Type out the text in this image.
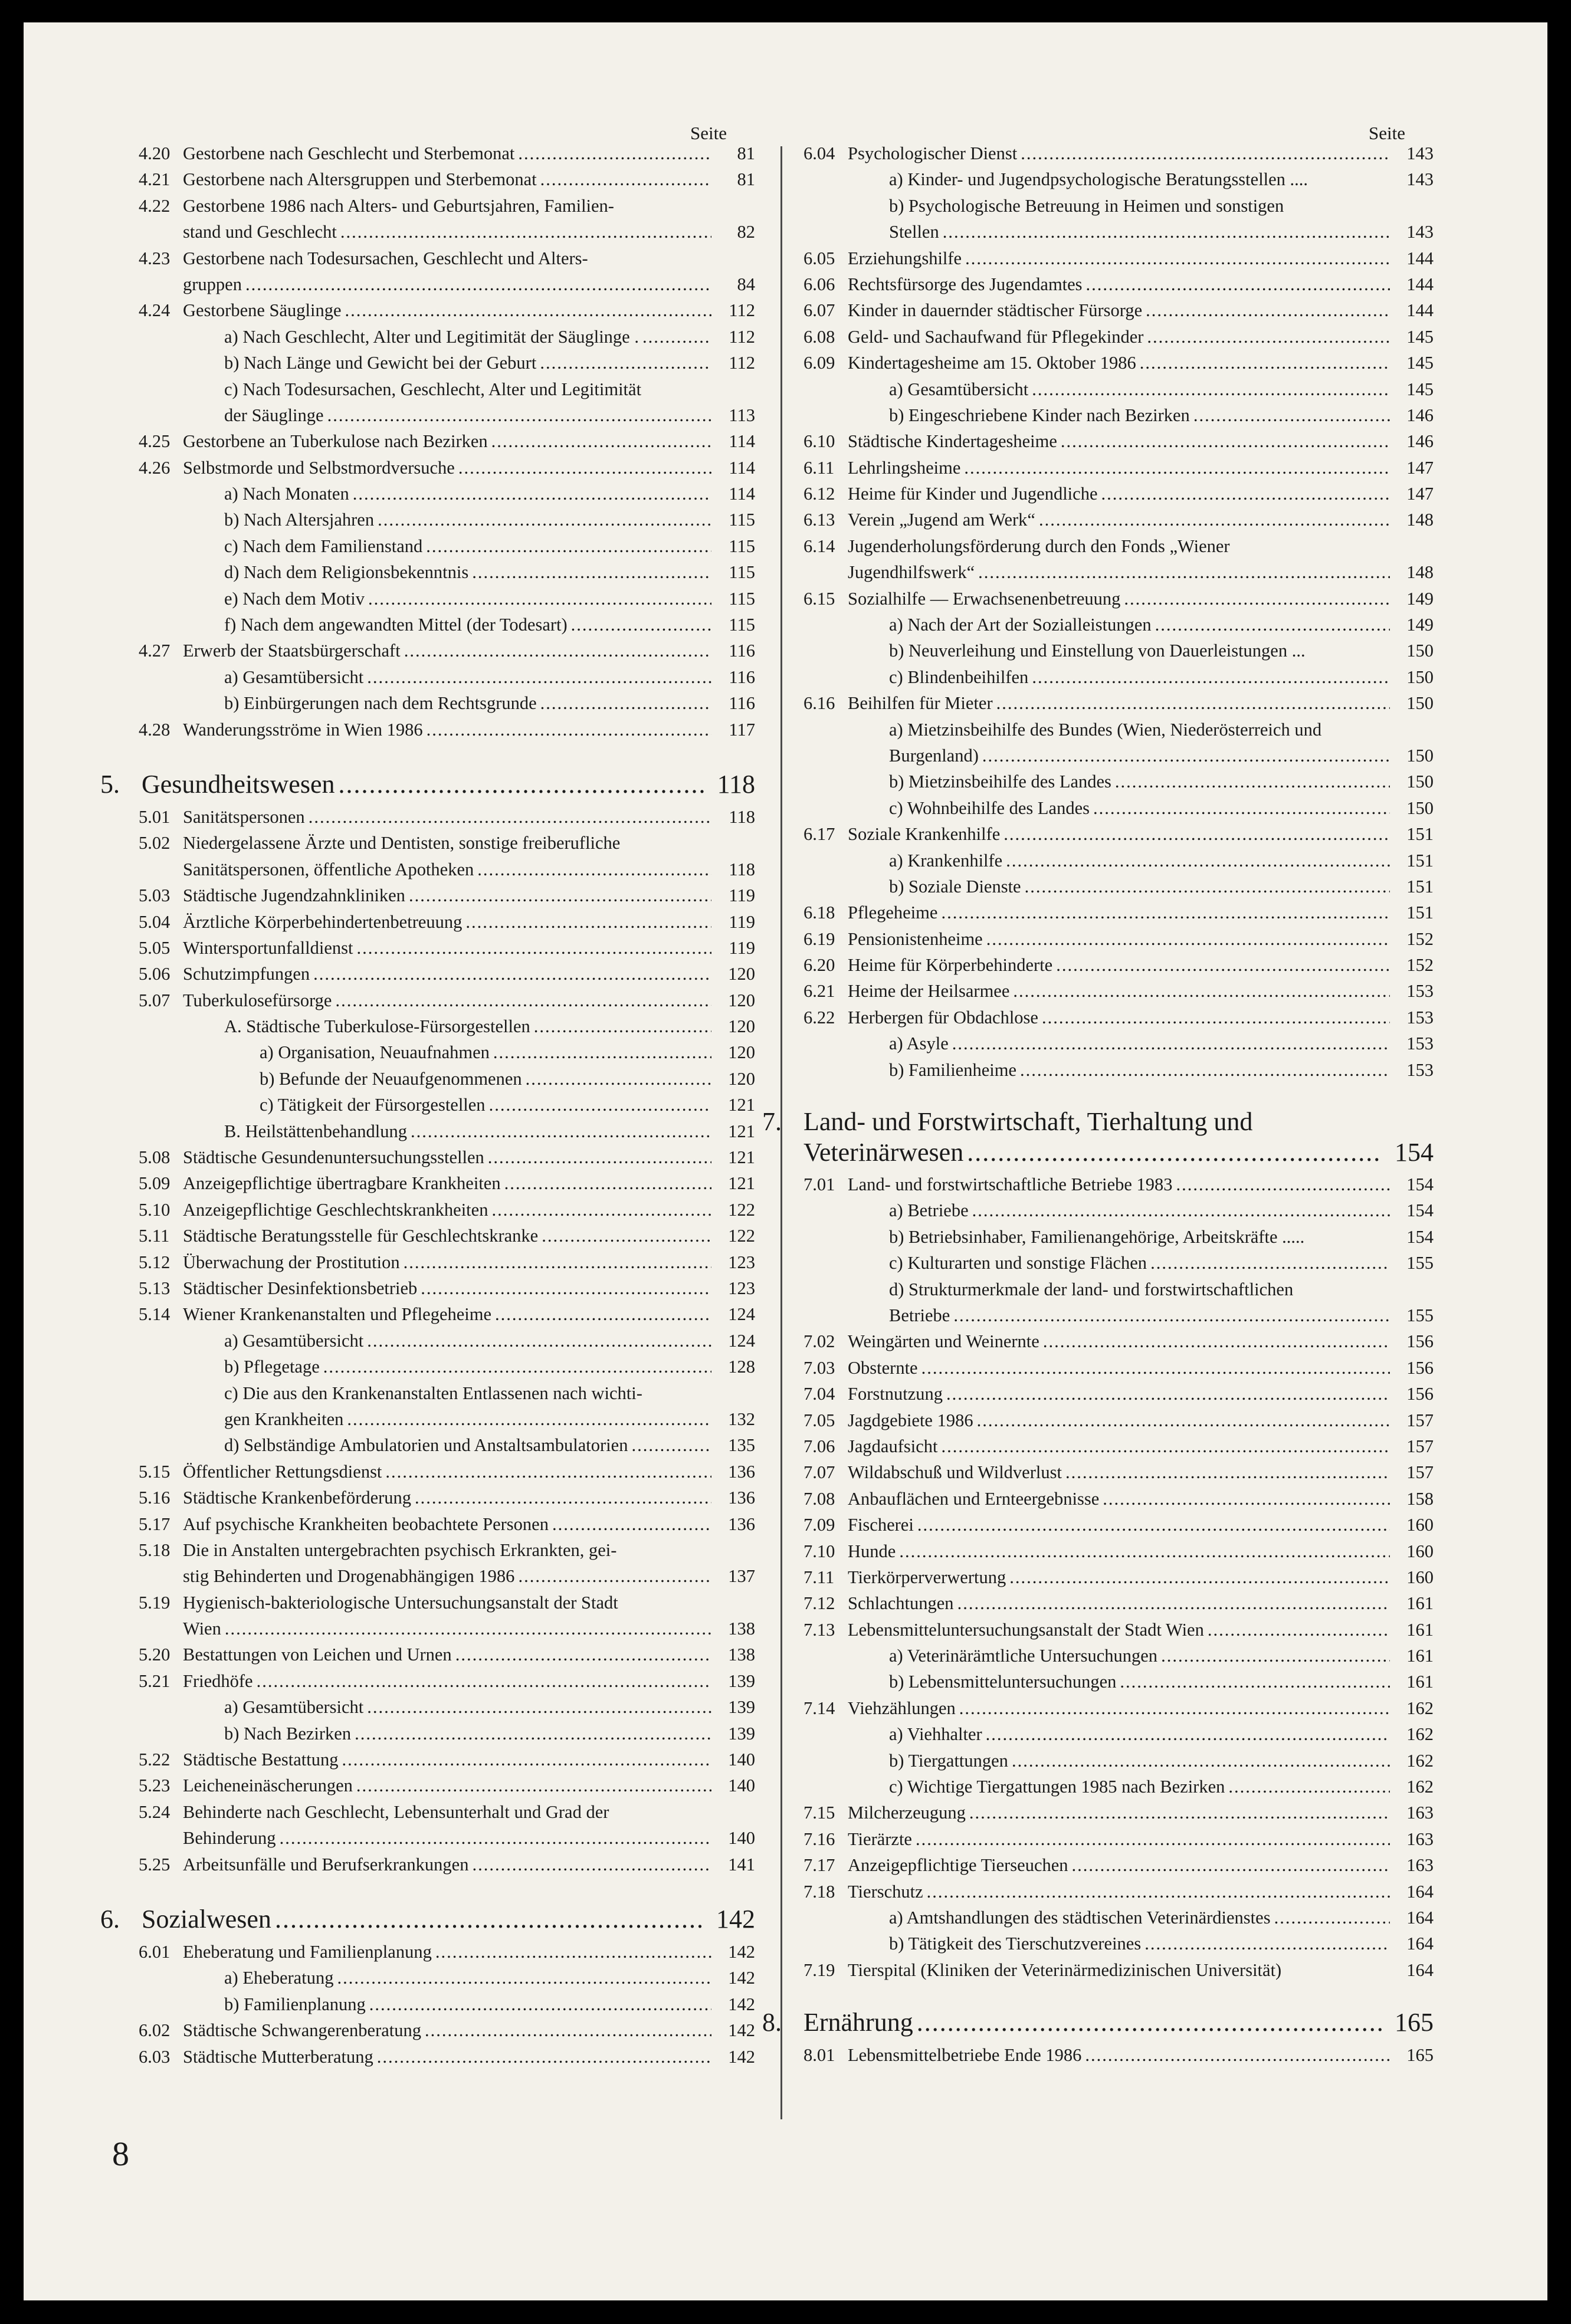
Seite	Seite
4.20 Gestorbene nach Geschlecht und Sterbemonat .....	81
4.21 Gestorbene nach Altersgruppen und Sterbemonat .....	81
4.22 Gestorbene 1986 nach Alters- und Geburtsjahren, Familien-
stand und Geschlecht .....	82
4.23 Gestorbene nach Todesursachen, Geschlecht und Alters-
gruppen .....	84
4.24 Gestorbene Säuglinge .....	112
a) Nach Geschlecht, Alter und Legitimität der Säuglinge . .....	112
b) Nach Länge und Gewicht bei der Geburt .....	112
c) Nach Todesursachen, Geschlecht, Alter und Legitimität
der Säuglinge .....	113
4.25 Gestorbene an Tuberkulose nach Bezirken .....	114
4.26 Selbstmorde und Selbstmordversuche .....	114
a) Nach Monaten .....	114
b) Nach Altersjahren .....	115
c) Nach dem Familienstand .....	115
d) Nach dem Religionsbekenntnis .....	115
e) Nach dem Motiv .....	115
f) Nach dem angewandten Mittel (der Todesart) .....	115
4.27 Erwerb der Staatsbürgerschaft .....	116
a) Gesamtübersicht .....	116
b) Einbürgerungen nach dem Rechtsgrunde .....	116
4.28 Wanderungsströme in Wien 1986 .....	117
5. Gesundheitswesen .....	118
5.01 Sanitätspersonen .....	118
5.02 Niedergelassene Ärzte und Dentisten, sonstige freiberufliche
Sanitätspersonen, öffentliche Apotheken .....	118
5.03 Städtische Jugendzahnkliniken .....	119
5.04 Ärztliche Körperbehindertenbetreuung .....	119
5.05 Wintersportunfalldienst .....	119
5.06 Schutzimpfungen .....	120
5.07 Tuberkulosefürsorge .....	120
A. Städtische Tuberkulose-Fürsorgestellen .....	120
a) Organisation, Neuaufnahmen .....	120
b) Befunde der Neuaufgenommenen .....	120
c) Tätigkeit der Fürsorgestellen .....	121
B. Heilstättenbehandlung .....	121
5.08 Städtische Gesundenuntersuchungsstellen .....	121
5.09 Anzeigepflichtige übertragbare Krankheiten .....	121
5.10 Anzeigepflichtige Geschlechtskrankheiten .....	122
5.11 Städtische Beratungsstelle für Geschlechtskranke .....	122
5.12 Überwachung der Prostitution .....	123
5.13 Städtischer Desinfektionsbetrieb .....	123
5.14 Wiener Krankenanstalten und Pflegeheime .....	124
a) Gesamtübersicht .....	124
b) Pflegetage .....	128
c) Die aus den Krankenanstalten Entlassenen nach wichti-
gen Krankheiten .....	132
d) Selbständige Ambulatorien und Anstaltsambulatorien .....	135
5.15 Öffentlicher Rettungsdienst .....	136
5.16 Städtische Krankenbeförderung .....	136
5.17 Auf psychische Krankheiten beobachtete Personen .....	136
5.18 Die in Anstalten untergebrachten psychisch Erkrankten, gei-
stig Behinderten und Drogenabhängigen 1986 .....	137
5.19 Hygienisch-bakteriologische Untersuchungsanstalt der Stadt
Wien .....	138
5.20 Bestattungen von Leichen und Urnen .....	138
5.21 Friedhöfe .....	139
a) Gesamtübersicht .....	139
b) Nach Bezirken .....	139
5.22 Städtische Bestattung .....	140
5.23 Leicheneinäscherungen .....	140
5.24 Behinderte nach Geschlecht, Lebensunterhalt und Grad der
Behinderung .....	140
5.25 Arbeitsunfälle und Berufserkrankungen .....	141
6. Sozialwesen .....	142
6.01 Eheberatung und Familienplanung .....	142
a) Eheberatung .....	142
b) Familienplanung .....	142
6.02 Städtische Schwangerenberatung .....	142
6.03 Städtische Mutterberatung .....	142
6.04 Psychologischer Dienst .....	143
a) Kinder- und Jugendpsychologische Beratungsstellen ....	143
b) Psychologische Betreuung in Heimen und sonstigen
Stellen .....	143
6.05 Erziehungshilfe .....	144
6.06 Rechtsfürsorge des Jugendamtes .....	144
6.07 Kinder in dauernder städtischer Fürsorge .....	144
6.08 Geld- und Sachaufwand für Pflegekinder .....	145
6.09 Kindertagesheime am 15. Oktober 1986 .....	145
a) Gesamtübersicht .....	145
b) Eingeschriebene Kinder nach Bezirken .....	146
6.10 Städtische Kindertagesheime .....	146
6.11 Lehrlingsheime .....	147
6.12 Heime für Kinder und Jugendliche .....	147
6.13 Verein „Jugend am Werk“ .....	148
6.14 Jugenderholungsförderung durch den Fonds „Wiener
Jugendhilfswerk“ .....	148
6.15 Sozialhilfe — Erwachsenenbetreuung .....	149
a) Nach der Art der Sozialleistungen .....	149
b) Neuverleihung und Einstellung von Dauerleistungen ...	150
c) Blindenbeihilfen .....	150
6.16 Beihilfen für Mieter .....	150
a) Mietzinsbeihilfe des Bundes (Wien, Niederösterreich und
Burgenland) .....	150
b) Mietzinsbeihilfe des Landes .....	150
c) Wohnbeihilfe des Landes .....	150
6.17 Soziale Krankenhilfe .....	151
a) Krankenhilfe .....	151
b) Soziale Dienste .....	151
6.18 Pflegeheime .....	151
6.19 Pensionistenheime .....	152
6.20 Heime für Körperbehinderte .....	152
6.21 Heime der Heilsarmee .....	153
6.22 Herbergen für Obdachlose .....	153
a) Asyle .....	153
b) Familienheime .....	153
7. Land- und Forstwirtschaft, Tierhaltung und
Veterinärwesen .....	154
7.01 Land- und forstwirtschaftliche Betriebe 1983 .....	154
a) Betriebe .....	154
b) Betriebsinhaber, Familienangehörige, Arbeitskräfte .....	154
c) Kulturarten und sonstige Flächen .....	155
d) Strukturmerkmale der land- und forstwirtschaftlichen
Betriebe .....	155
7.02 Weingärten und Weinernte .....	156
7.03 Obsternte .....	156
7.04 Forstnutzung .....	156
7.05 Jagdgebiete 1986 .....	157
7.06 Jagdaufsicht .....	157
7.07 Wildabschuß und Wildverlust .....	157
7.08 Anbauflächen und Ernteergebnisse .....	158
7.09 Fischerei .....	160
7.10 Hunde .....	160
7.11 Tierkörperverwertung .....	160
7.12 Schlachtungen .....	161
7.13 Lebensmitteluntersuchungsanstalt der Stadt Wien .....	161
a) Veterinärämtliche Untersuchungen .....	161
b) Lebensmitteluntersuchungen .....	161
7.14 Viehzählungen .....	162
a) Viehhalter .....	162
b) Tiergattungen .....	162
c) Wichtige Tiergattungen 1985 nach Bezirken .....	162
7.15 Milcherzeugung .....	163
7.16 Tierärzte .....	163
7.17 Anzeigepflichtige Tierseuchen .....	163
7.18 Tierschutz .....	164
a) Amtshandlungen des städtischen Veterinärdienstes .....	164
b) Tätigkeit des Tierschutzvereines .....	164
7.19 Tierspital (Kliniken der Veterinärmedizinischen Universität)	164
8. Ernährung .....	165
8.01 Lebensmittelbetriebe Ende 1986 .....	165
8
